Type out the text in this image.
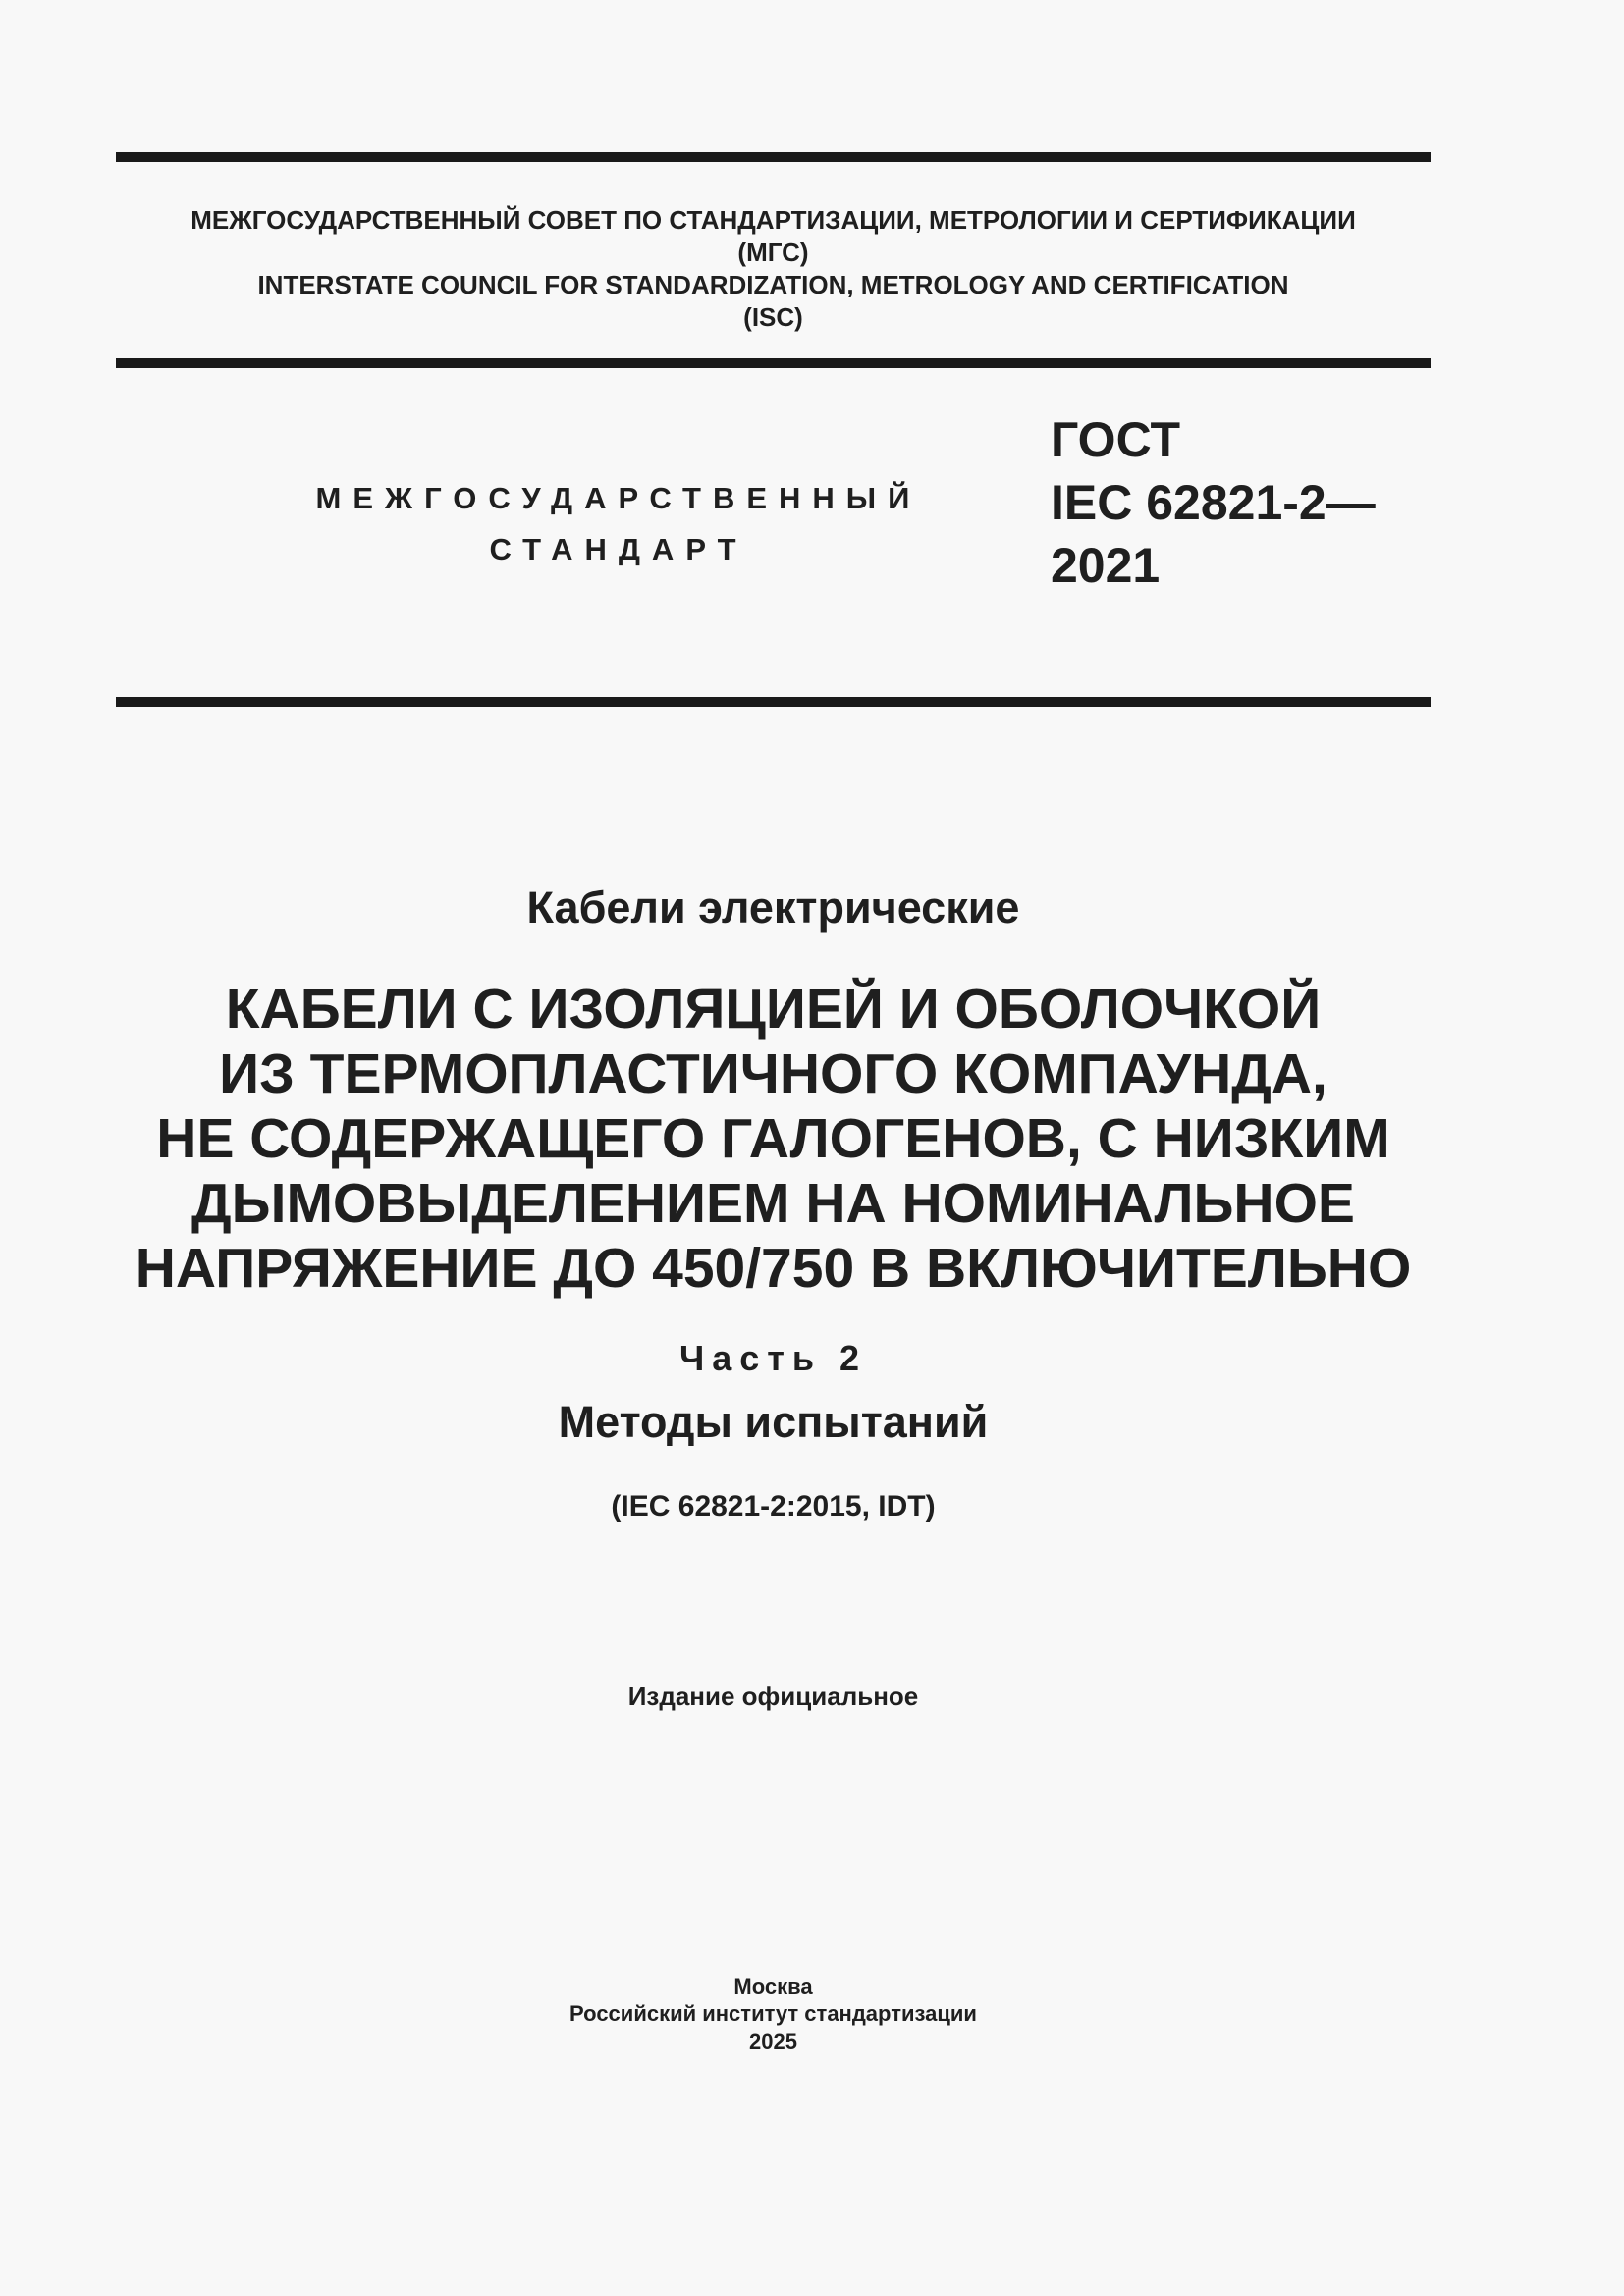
МЕЖГОСУДАРСТВЕННЫЙ СОВЕТ ПО СТАНДАРТИЗАЦИИ, МЕТРОЛОГИИ И СЕРТИФИКАЦИИ
(МГС)
INTERSTATE COUNCIL FOR STANDARDIZATION, METROLOGY AND CERTIFICATION
(ISC)
МЕЖГОСУДАРСТВЕННЫЙ
СТАНДАРТ
ГОСТ
IEC 62821-2—
2021
Кабели электрические
КАБЕЛИ С ИЗОЛЯЦИЕЙ И ОБОЛОЧКОЙ
ИЗ ТЕРМОПЛАСТИЧНОГО КОМПАУНДА,
НЕ СОДЕРЖАЩЕГО ГАЛОГЕНОВ, С НИЗКИМ
ДЫМОВЫДЕЛЕНИЕМ НА НОМИНАЛЬНОЕ
НАПРЯЖЕНИЕ ДО 450/750 В ВКЛЮЧИТЕЛЬНО
Часть 2
Методы испытаний
(IEC 62821-2:2015, IDT)
Издание официальное
Москва
Российский институт стандартизации
2025
